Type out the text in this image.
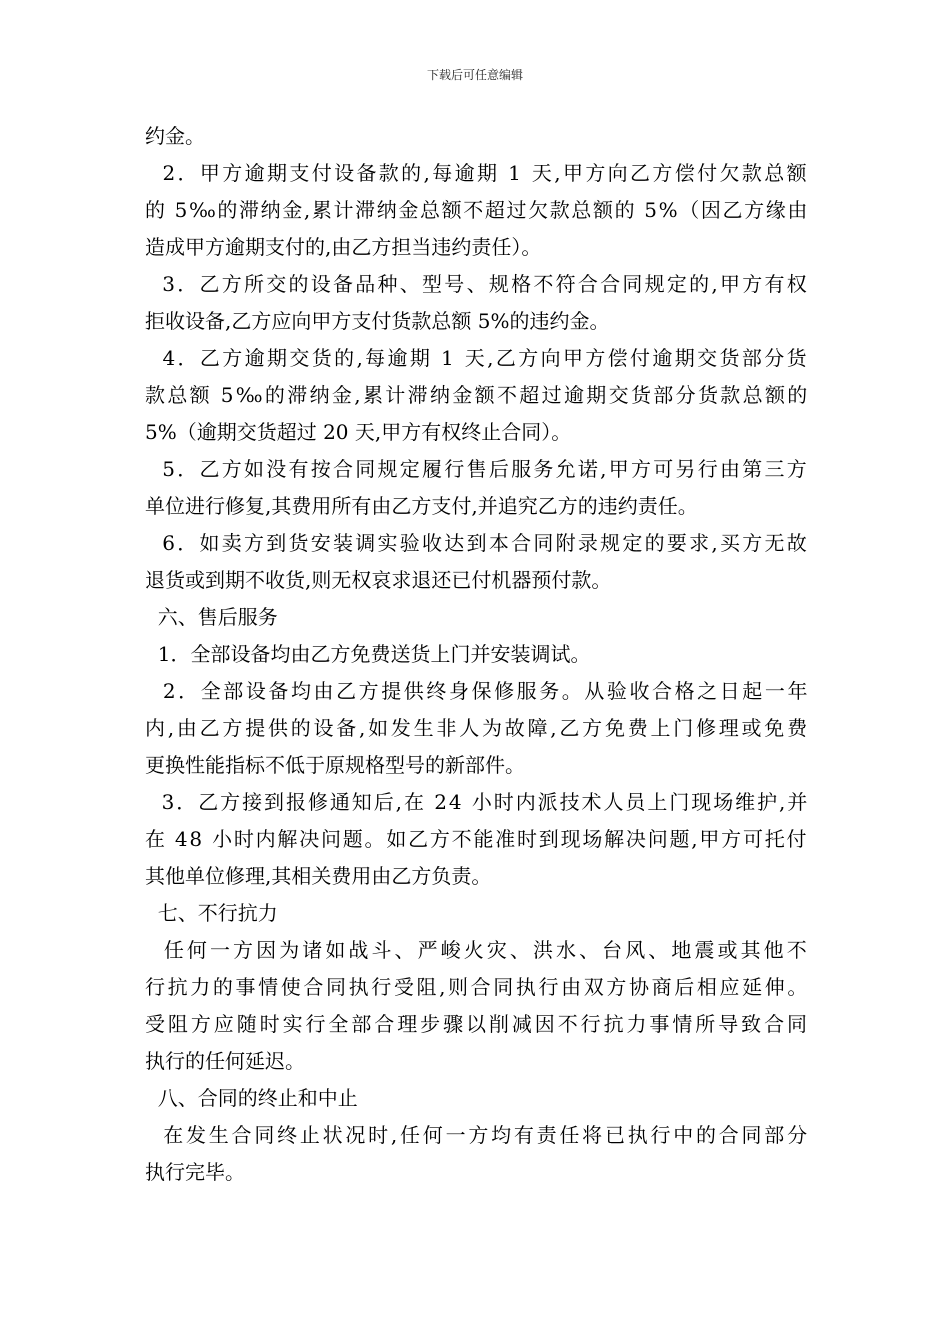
下载后可任意编辑
约金。
2．甲方逾期支付设备款的,每逾期 1 天,甲方向乙方偿付欠款总额
的 5‰的滞纳金,累计滞纳金总额不超过欠款总额的 5%（因乙方缘由
造成甲方逾期支付的,由乙方担当违约责任）。
3．乙方所交的设备品种、型号、规格不符合合同规定的,甲方有权
拒收设备,乙方应向甲方支付货款总额 5%的违约金。
4．乙方逾期交货的,每逾期 1 天,乙方向甲方偿付逾期交货部分货
款总额 5‰的滞纳金,累计滞纳金额不超过逾期交货部分货款总额的
5%（逾期交货超过 20 天,甲方有权终止合同）。
5．乙方如没有按合同规定履行售后服务允诺,甲方可另行由第三方
单位进行修复,其费用所有由乙方支付,并追究乙方的违约责任。
6．如卖方到货安装调实验收达到本合同附录规定的要求,买方无故
退货或到期不收货,则无权哀求退还已付机器预付款。
六、售后服务
1．全部设备均由乙方免费送货上门并安装调试。
2．全部设备均由乙方提供终身保修服务。从验收合格之日起一年
内,由乙方提供的设备,如发生非人为故障,乙方免费上门修理或免费
更换性能指标不低于原规格型号的新部件。
3．乙方接到报修通知后,在 24 小时内派技术人员上门现场维护,并
在 48 小时内解决问题。如乙方不能准时到现场解决问题,甲方可托付
其他单位修理,其相关费用由乙方负责。
七、不行抗力
任何一方因为诸如战斗、严峻火灾、洪水、台风、地震或其他不
行抗力的事情使合同执行受阻,则合同执行由双方协商后相应延伸。
受阻方应随时实行全部合理步骤以削减因不行抗力事情所导致合同
执行的任何延迟。
八、合同的终止和中止
在发生合同终止状况时,任何一方均有责任将已执行中的合同部分
执行完毕。
